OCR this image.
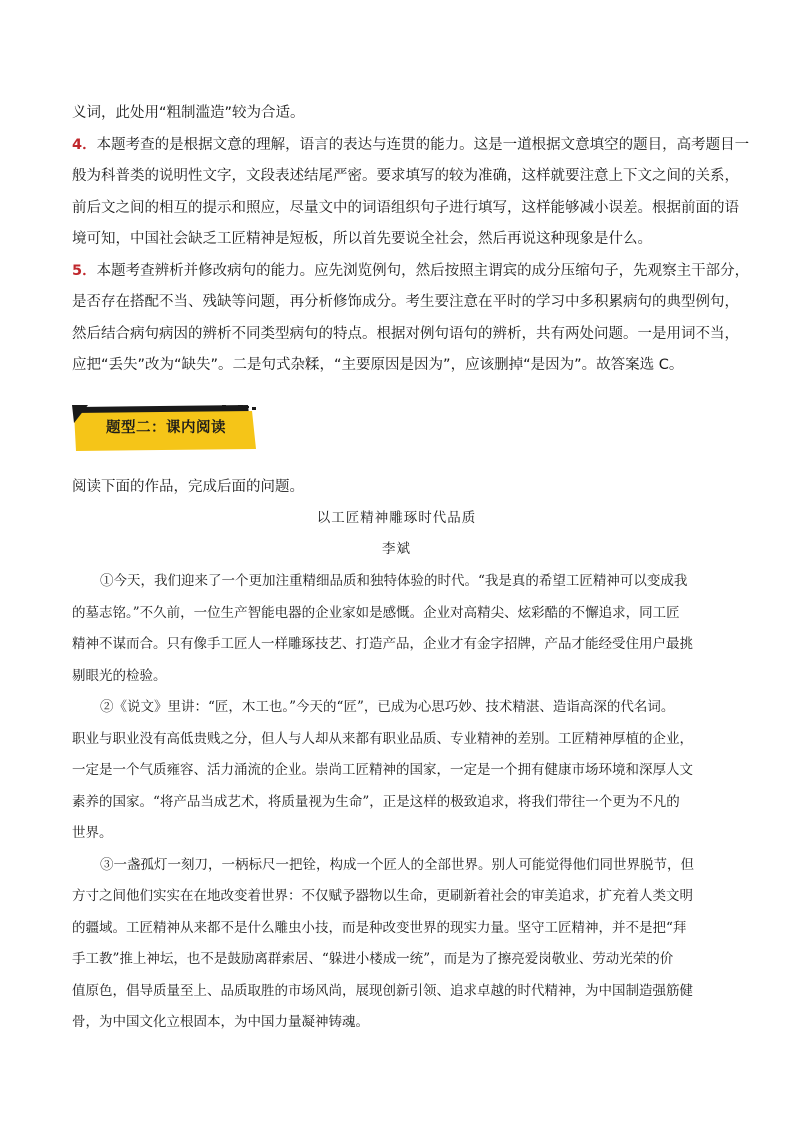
义词，此处用“粗制滥造”较为合适。

4．本题考查的是根据文意的理解，语言的表达与连贯的能力。这是一道根据文意填空的题目，高考题目一

般为科普类的说明性文字，文段表述结尾严密。要求填写的较为准确，这样就要注意上下文之间的关系，

前后文之间的相互的提示和照应，尽量文中的词语组织句子进行填写，这样能够减小误差。根据前面的语

境可知，中国社会缺乏工匠精神是短板，所以首先要说全社会，然后再说这种现象是什么。

5．本题考查辨析并修改病句的能力。应先浏览例句，然后按照主谓宾的成分压缩句子，先观察主干部分，

是否存在搭配不当、残缺等问题，再分析修饰成分。考生要注意在平时的学习中多积累病句的典型例句，

然后结合病句病因的辨析不同类型病句的特点。根据对例句语句的辨析，共有两处问题。一是用词不当，

应把“丢失”改为“缺失”。二是句式杂糅，“主要原因是因为”，应该删掉“是因为”。故答案选 C。

题型二：课内阅读
阅读下面的作品，完成后面的问题。
以工匠精神雕琢时代品质
李斌

①今天，我们迎来了一个更加注重精细品质和独特体验的时代。“我是真的希望工匠精神可以变成我

的墓志铭。”不久前，一位生产智能电器的企业家如是感慨。企业对高精尖、炫彩酷的不懈追求，同工匠

精神不谋而合。只有像手工匠人一样雕琢技艺、打造产品，企业才有金字招牌，产品才能经受住用户最挑

剔眼光的检验。

②《说文》里讲：“匠，木工也。”今天的“匠”，已成为心思巧妙、技术精湛、造诣高深的代名词。

职业与职业没有高低贵贱之分，但人与人却从来都有职业品质、专业精神的差别。工匠精神厚植的企业，

一定是一个气质雍容、活力涌流的企业。崇尚工匠精神的国家，一定是一个拥有健康市场环境和深厚人文

素养的国家。“将产品当成艺术，将质量视为生命”，正是这样的极致追求，将我们带往一个更为不凡的

世界。

③一盏孤灯一刻刀，一柄标尺一把铨，构成一个匠人的全部世界。别人可能觉得他们同世界脱节，但

方寸之间他们实实在在地改变着世界：不仅赋予器物以生命，更刷新着社会的审美追求，扩充着人类文明

的疆域。工匠精神从来都不是什么雕虫小技，而是种改变世界的现实力量。坚守工匠精神，并不是把“拜

手工教”推上神坛，也不是鼓励离群索居、“躲进小楼成一统”，而是为了擦亮爱岗敬业、劳动光荣的价

值原色，倡导质量至上、品质取胜的市场风尚，展现创新引领、追求卓越的时代精神，为中国制造强筋健

骨，为中国文化立根固本，为中国力量凝神铸魂。
